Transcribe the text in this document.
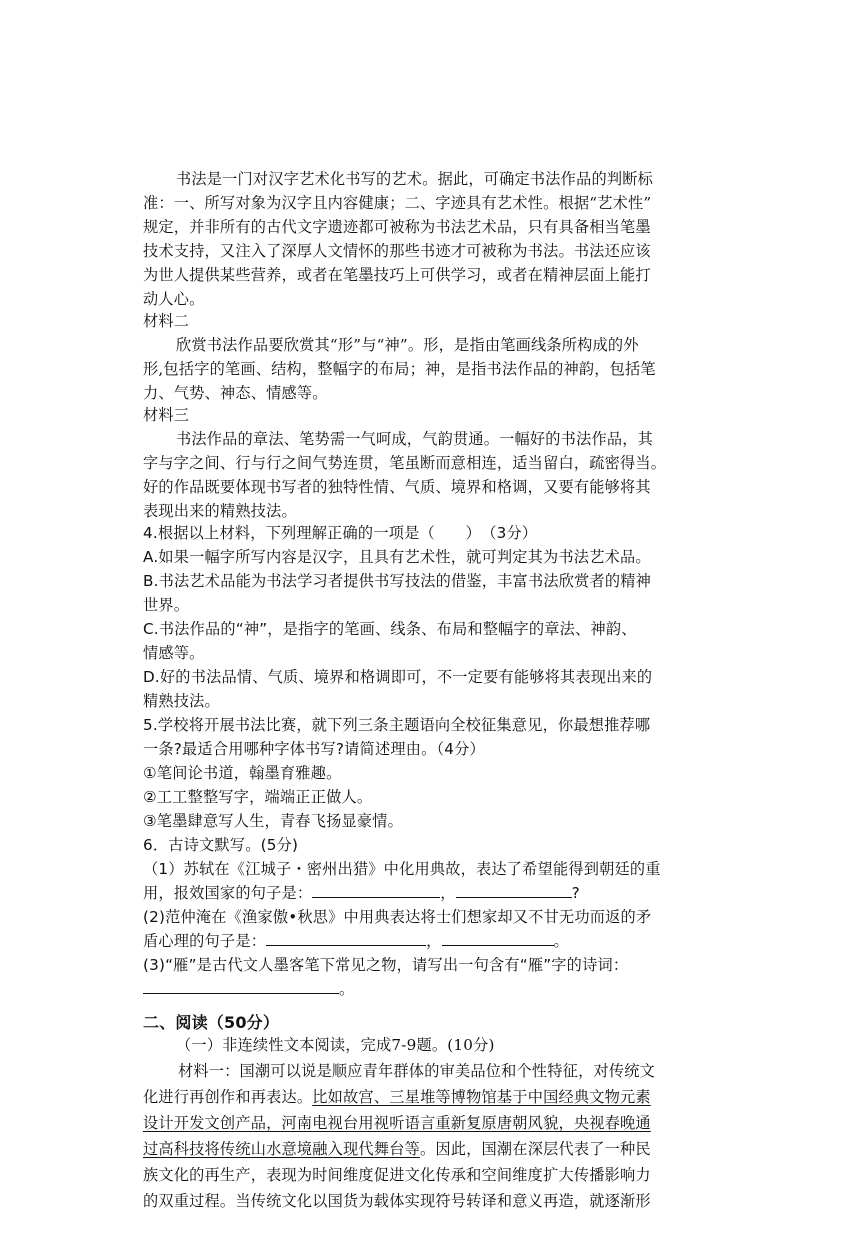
书法是一门对汉字艺术化书写的艺术。据此，可确定书法作品的判断标
准：一、所写对象为汉字且内容健康；二、字迹具有艺术性。根据“艺术性”
规定，并非所有的古代文字遗迹都可被称为书法艺术品，只有具备相当笔墨
技术支持，又注入了深厚人文情怀的那些书迹才可被称为书法。书法还应该
为世人提供某些营养，或者在笔墨技巧上可供学习，或者在精神层面上能打
动人心。
材料二
欣赏书法作品要欣赏其“形”与“神”。形，是指由笔画线条所构成的外
形,包括字的笔画、结构，整幅字的布局；神，是指书法作品的神韵，包括笔
力、气势、神态、情感等。
材料三
书法作品的章法、笔势需一气呵成，气韵贯通。一幅好的书法作品，其
字与字之间、行与行之间气势连贯，笔虽断而意相连，适当留白，疏密得当。
好的作品既要体现书写者的独特性情、气质、境界和格调，又要有能够将其
表现出来的精熟技法。
4.根据以上材料，下列理解正确的一项是（　　）　（3分）
A.如果一幅字所写内容是汉字，且具有艺术性，就可判定其为书法艺术品。
B.书法艺术品能为书法学习者提供书写技法的借鉴，丰富书法欣赏者的精神
世界。
C.书法作品的“神”，是指字的笔画、线条、布局和整幅字的章法、神韵、
情感等。
D.好的书法品情、气质、境界和格调即可，不一定要有能够将其表现出来的
精熟技法。
5.学校将开展书法比赛，就下列三条主题语向全校征集意见，你最想推荐哪
一条?最适合用哪种字体书写?请简述理由。（4分）
①笔间论书道，翰墨育雅趣。
②工工整整写字，端端正正做人。
③笔墨肆意写人生，青春飞扬显豪情。
6．古诗文默写。(5分)
（1）苏轼在《江城子・密州出猎》中化用典故，表达了希望能得到朝廷的重
用，报效国家的句子是：	，	?
(2)范仲淹在《渔家傲•秋思》中用典表达将士们想家却又不甘无功而返的矛
盾心理的句子是：	，	。
(3)“雁”是古代文人墨客笔下常见之物，请写出一句含有“雁”字的诗词：
。
二、阅读（50分）
（一）非连续性文本阅读，完成7-9题。(10分)
材料一：国潮可以说是顺应青年群体的审美品位和个性特征，对传统文
化进行再创作和再表达。比如故宫、三星堆等博物馆基于中国经典文物元素
设计开发文创产品，河南电视台用视听语言重新复原唐朝风貌，央视春晚通
过高科技将传统山水意境融入现代舞台等。因此，国潮在深层代表了一种民
族文化的再生产，表现为时间维度促进文化传承和空间维度扩大传播影响力
的双重过程。当传统文化以国货为载体实现符号转译和意义再造，就逐渐形
